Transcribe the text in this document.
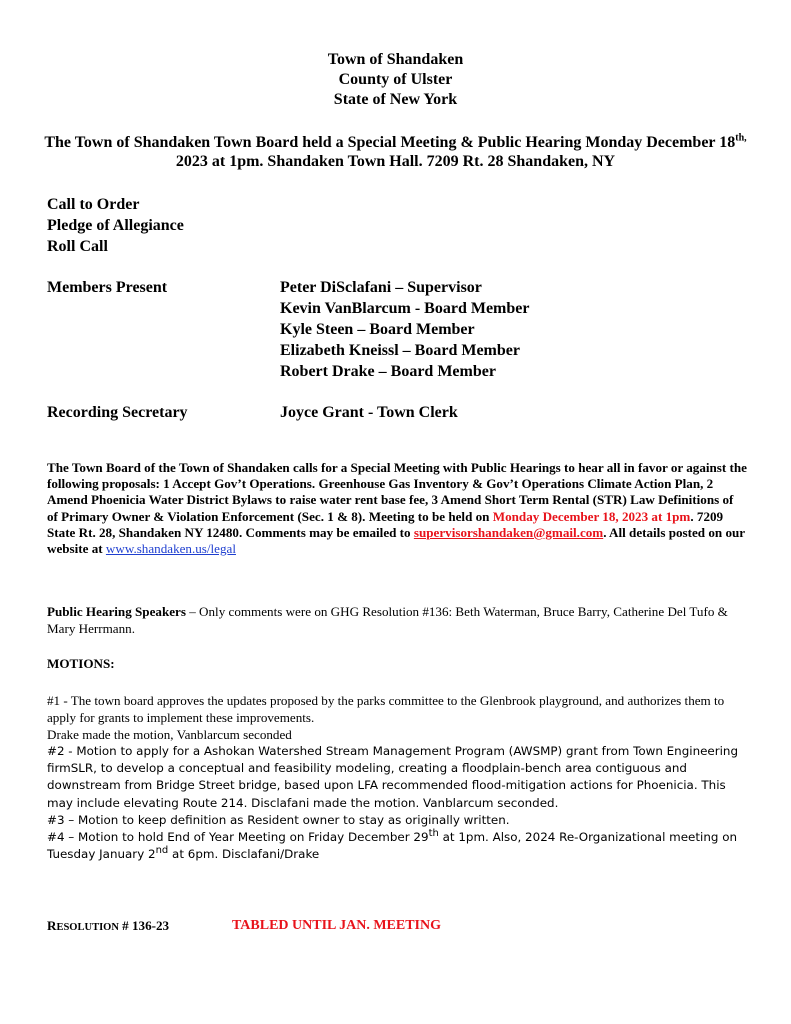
Town of Shandaken
County of Ulster
State of New York
The Town of Shandaken Town Board held a Special Meeting & Public Hearing Monday December $18^{th,}$ 2023 at 1pm. Shandaken Town Hall. 7209 Rt. 28 Shandaken, NY
Call to Order
Pledge of Allegiance
Roll Call
Members Present	Peter DiSclafani – Supervisor
Kevin VanBlarcum - Board Member
Kyle Steen – Board Member
Elizabeth Kneissl – Board Member
Robert Drake – Board Member
Recording Secretary	Joyce Grant - Town Clerk
The Town Board of the Town of Shandaken calls for a Special Meeting with Public Hearings to hear all in favor or against the following proposals: 1 Accept Gov’t Operations. Greenhouse Gas Inventory & Gov’t Operations Climate Action Plan, 2 Amend Phoenicia Water District Bylaws to raise water rent base fee, 3 Amend Short Term Rental (STR) Law Definitions of of Primary Owner & Violation Enforcement (Sec. 1 & 8). Meeting to be held on Monday December 18, 2023 at 1pm. 7209 State Rt. 28, Shandaken NY 12480. Comments may be emailed to supervisorshandaken@gmail.com. All details posted on our website at www.shandaken.us/legal
Public Hearing Speakers – Only comments were on GHG Resolution #136: Beth Waterman, Bruce Barry, Catherine Del Tufo & Mary Herrmann.
MOTIONS:
#1 - The town board approves the updates proposed by the parks committee to the Glenbrook playground, and authorizes them to apply for grants to implement these improvements.
Drake made the motion, Vanblarcum seconded
#2 - Motion to apply for a Ashokan Watershed Stream Management Program (AWSMP) grant from Town Engineering firmSLR, to develop a conceptual and feasibility modeling, creating a floodplain-bench area contiguous and downstream from Bridge Street bridge, based upon LFA recommended flood-mitigation actions for Phoenicia. This may include elevating Route 214. Disclafani made the motion. Vanblarcum seconded.
#3 – Motion to keep definition as Resident owner to stay as originally written.
#4 – Motion to hold End of Year Meeting on Friday December 29th at 1pm. Also, 2024 Re-Organizational meeting on Tuesday January 2nd at 6pm. Disclafani/Drake
RESOLUTION # 136-23	TABLED UNTIL JAN. MEETING
